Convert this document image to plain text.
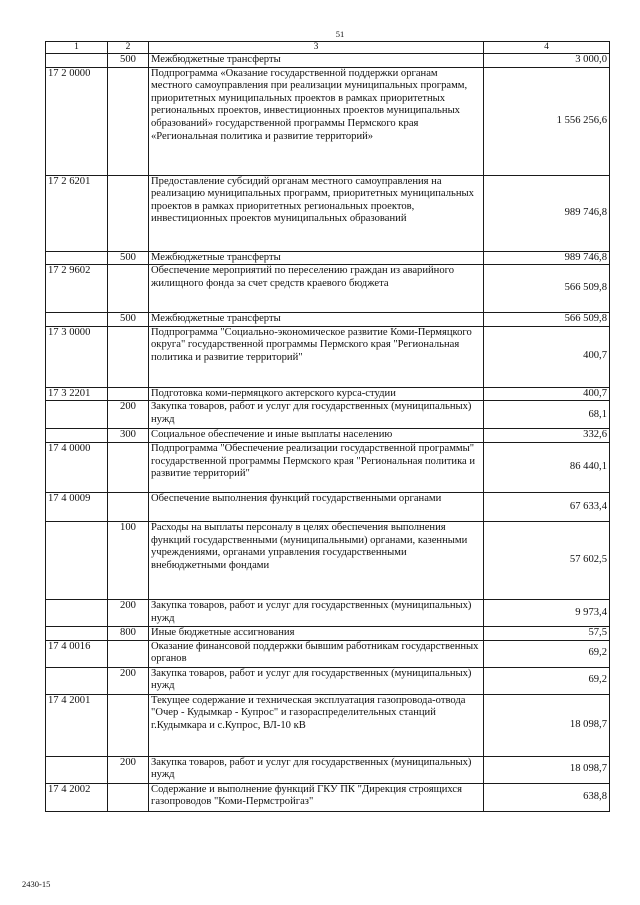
51
1	2	3	4
	500	Межбюджетные трансферты	3 000,0
17 2 0000		Подпрограмма «Оказание государственной поддержки органам местного самоуправления при реализации муниципальных программ, приоритетных муниципальных проектов в рамках приоритетных региональных проектов, инвестиционных проектов муниципальных образований» государственной программы Пермского края «Региональная политика и развитие территорий»	1 556 256,6
17 2 6201		Предоставление субсидий органам местного самоуправления на реализацию муниципальных программ, приоритетных муниципальных проектов в рамках приоритетных региональных проектов, инвестиционных проектов муниципальных образований	989 746,8
	500	Межбюджетные трансферты	989 746,8
17 2 9602		Обеспечение мероприятий по переселению граждан из аварийного жилищного фонда за счет средств краевого бюджета	566 509,8
	500	Межбюджетные трансферты	566 509,8
17 3 0000		Подпрограмма "Социально-экономическое развитие Коми-Пермяцкого округа" государственной программы Пермского края "Региональная политика и развитие территорий"	400,7
17 3 2201		Подготовка коми-пермяцкого актерского курса-студии	400,7
	200	Закупка товаров, работ и услуг для государственных (муниципальных) нужд	68,1
	300	Социальное обеспечение и иные выплаты населению	332,6
17 4 0000		Подпрограмма "Обеспечение реализации государственной программы" государственной программы Пермского края "Региональная политика и развитие территорий"	86 440,1
17 4 0009		Обеспечение выполнения функций государственными органами	67 633,4
	100	Расходы на выплаты персоналу в целях обеспечения выполнения функций государственными (муниципальными) органами, казенными учреждениями, органами управления государственными внебюджетными фондами	57 602,5
	200	Закупка товаров, работ и услуг для государственных (муниципальных) нужд	9 973,4
	800	Иные бюджетные ассигнования	57,5
17 4 0016		Оказание финансовой поддержки бывшим работникам государственных органов	69,2
	200	Закупка товаров, работ и услуг для государственных (муниципальных) нужд	69,2
17 4 2001		Текущее содержание и техническая эксплуатация газопровода-отвода "Очер - Кудымкар - Купрос" и газораспределительных станций г.Кудымкара и с.Купрос, ВЛ-10 кВ	18 098,7
	200	Закупка товаров, работ и услуг для государственных (муниципальных) нужд	18 098,7
17 4 2002		Содержание и выполнение функций ГКУ ПК "Дирекция строящихся газопроводов "Коми-Пермстройгаз"	638,8
2430-15
